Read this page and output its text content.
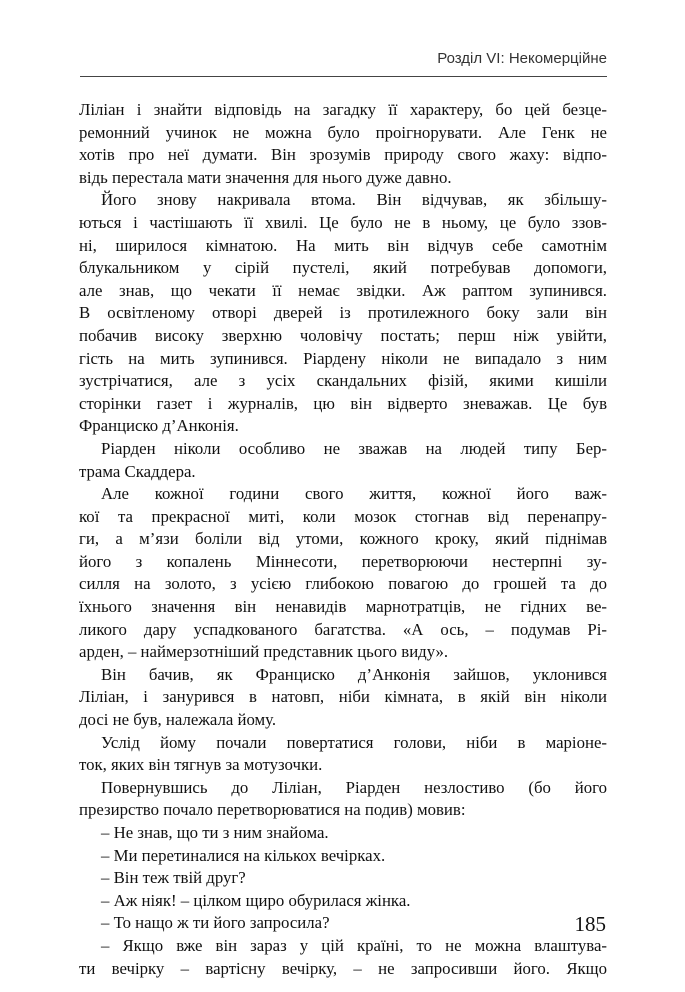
Розділ VI: Некомерційне
Ліліан і знайти відповідь на загадку її характеру, бо цей безце-
ремонний учинок не можна було проігнорувати. Але Генк не
хотів про неї думати. Він зрозумів природу свого жаху: відпо-
відь перестала мати значення для нього дуже давно.
Його знову накривала втома. Він відчував, як збільшу-
ються і частішають її хвилі. Це було не в ньому, це було ззов-
ні, ширилося кімнатою. На мить він відчув себе самотнім
блукальником у сірій пустелі, який потребував допомоги,
але знав, що чекати її немає звідки. Аж раптом зупинився.
В освітленому отворі дверей із протилежного боку зали він
побачив високу зверхню чоловічу постать; перш ніж увійти,
гість на мить зупинився. Ріардену ніколи не випадало з ним
зустрічатися, але з усіх скандальних фізій, якими кишіли
сторінки газет і журналів, цю він відверто зневажав. Це був
Франциско д’Анконія.
Ріарден ніколи особливо не зважав на людей типу Бер-
трама Скаддера.
Але кожної години свого життя, кожної його важ-
кої та прекрасної миті, коли мозок стогнав від перенапру-
ги, а м’язи боліли від утоми, кожного кроку, який піднімав
його з копалень Міннесоти, перетворюючи нестерпні зу-
силля на золото, з усією глибокою повагою до грошей та до
їхнього значення він ненавидів марнотратців, не гідних ве-
ликого дару успадкованого багатства. «А ось, – подумав Рі-
арден, – наймерзотніший представник цього виду».
Він бачив, як Франциско д’Анконія зайшов, уклонився
Ліліан, і занурився в натовп, ніби кімната, в якій він ніколи
досі не був, належала йому.
Услід йому почали повертатися голови, ніби в маріоне-
ток, яких він тягнув за мотузочки.
Повернувшись до Ліліан, Ріарден незлостиво (бо його
презирство почало перетворюватися на подив) мовив:
– Не знав, що ти з ним знайома.
– Ми перетиналися на кількох вечірках.
– Він теж твій друг?
– Аж ніяк! – цілком щиро обурилася жінка.
– То нащо ж ти його запросила?
– Якщо вже він зараз у цій країні, то не можна влаштува-
ти вечірку – вартісну вечірку, – не запросивши його. Якщо
185
